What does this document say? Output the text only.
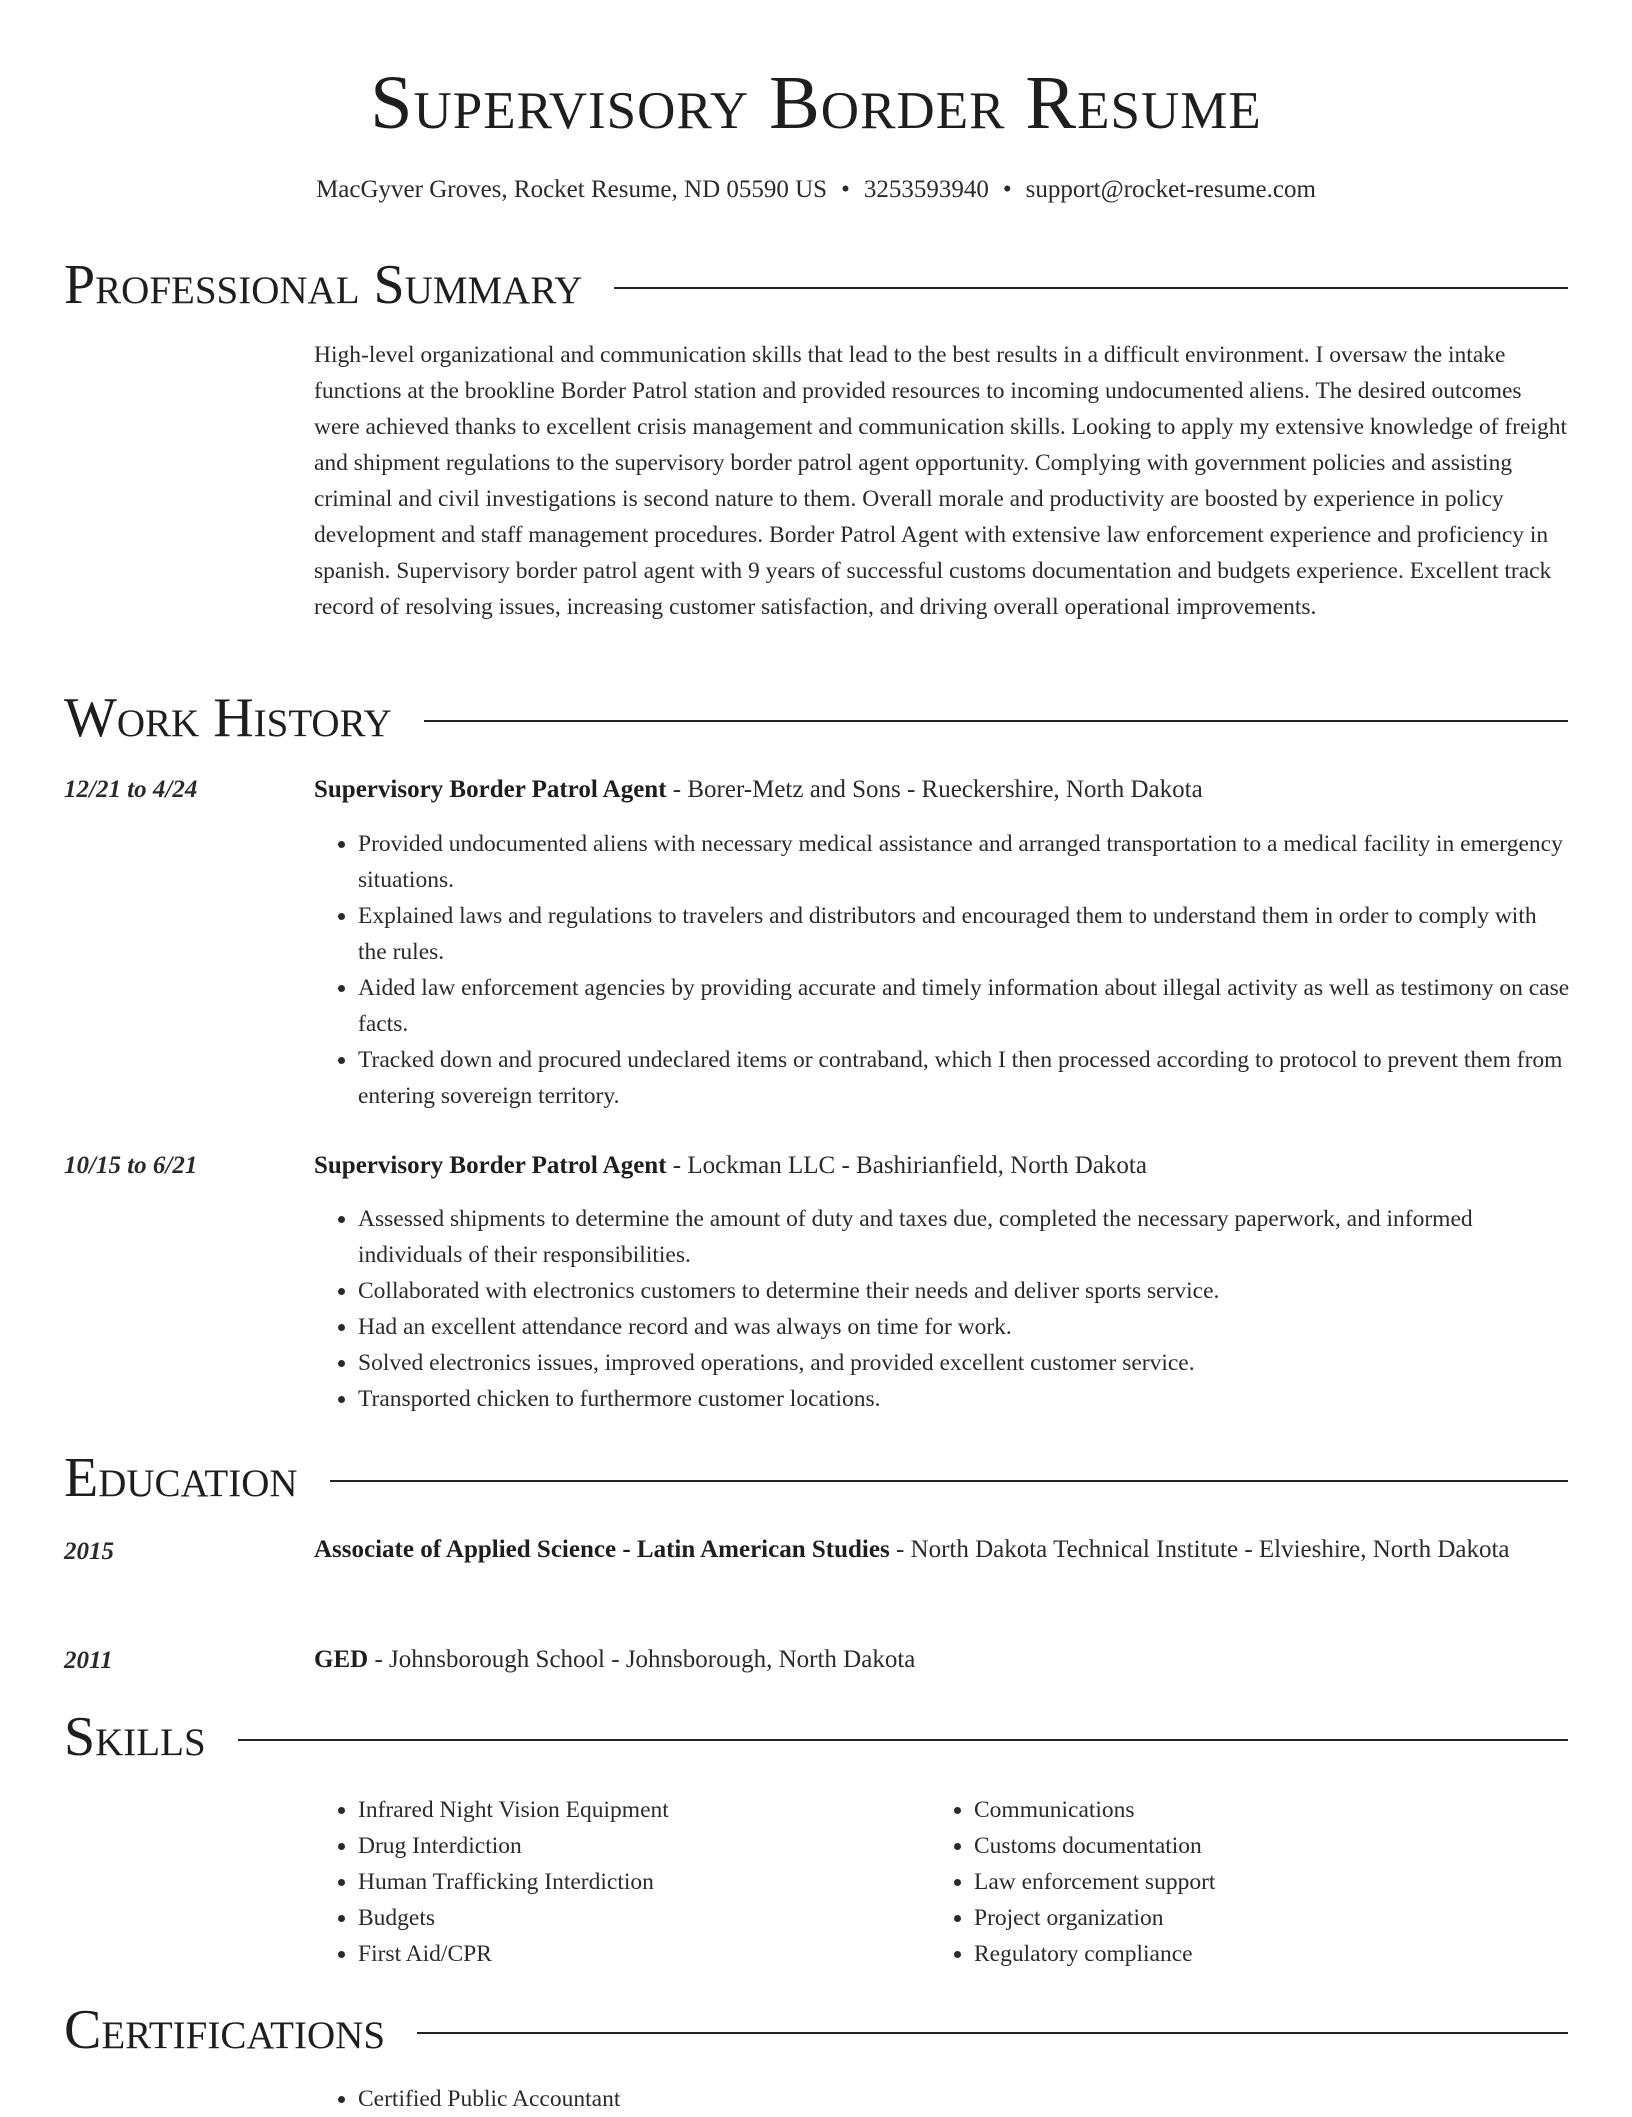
Supervisory Border Resume
MacGyver Groves, Rocket Resume, ND 05590 US • 3253593940 • support@rocket-resume.com
Professional Summary
High-level organizational and communication skills that lead to the best results in a difficult environment. I oversaw the intake functions at the brookline Border Patrol station and provided resources to incoming undocumented aliens. The desired outcomes were achieved thanks to excellent crisis management and communication skills. Looking to apply my extensive knowledge of freight and shipment regulations to the supervisory border patrol agent opportunity. Complying with government policies and assisting criminal and civil investigations is second nature to them. Overall morale and productivity are boosted by experience in policy development and staff management procedures. Border Patrol Agent with extensive law enforcement experience and proficiency in spanish. Supervisory border patrol agent with 9 years of successful customs documentation and budgets experience. Excellent track record of resolving issues, increasing customer satisfaction, and driving overall operational improvements.
Work History
12/21 to 4/24	Supervisory Border Patrol Agent - Borer-Metz and Sons - Rueckershire, North Dakota
• Provided undocumented aliens with necessary medical assistance and arranged transportation to a medical facility in emergency situations.
• Explained laws and regulations to travelers and distributors and encouraged them to understand them in order to comply with the rules.
• Aided law enforcement agencies by providing accurate and timely information about illegal activity as well as testimony on case facts.
• Tracked down and procured undeclared items or contraband, which I then processed according to protocol to prevent them from entering sovereign territory.
10/15 to 6/21	Supervisory Border Patrol Agent - Lockman LLC - Bashirianfield, North Dakota
• Assessed shipments to determine the amount of duty and taxes due, completed the necessary paperwork, and informed individuals of their responsibilities.
• Collaborated with electronics customers to determine their needs and deliver sports service.
• Had an excellent attendance record and was always on time for work.
• Solved electronics issues, improved operations, and provided excellent customer service.
• Transported chicken to furthermore customer locations.
Education
2015	Associate of Applied Science - Latin American Studies - North Dakota Technical Institute - Elvieshire, North Dakota
2011	GED - Johnsborough School - Johnsborough, North Dakota
Skills
• Infrared Night Vision Equipment
• Drug Interdiction
• Human Trafficking Interdiction
• Budgets
• First Aid/CPR
• Communications
• Customs documentation
• Law enforcement support
• Project organization
• Regulatory compliance
Certifications
• Certified Public Accountant
